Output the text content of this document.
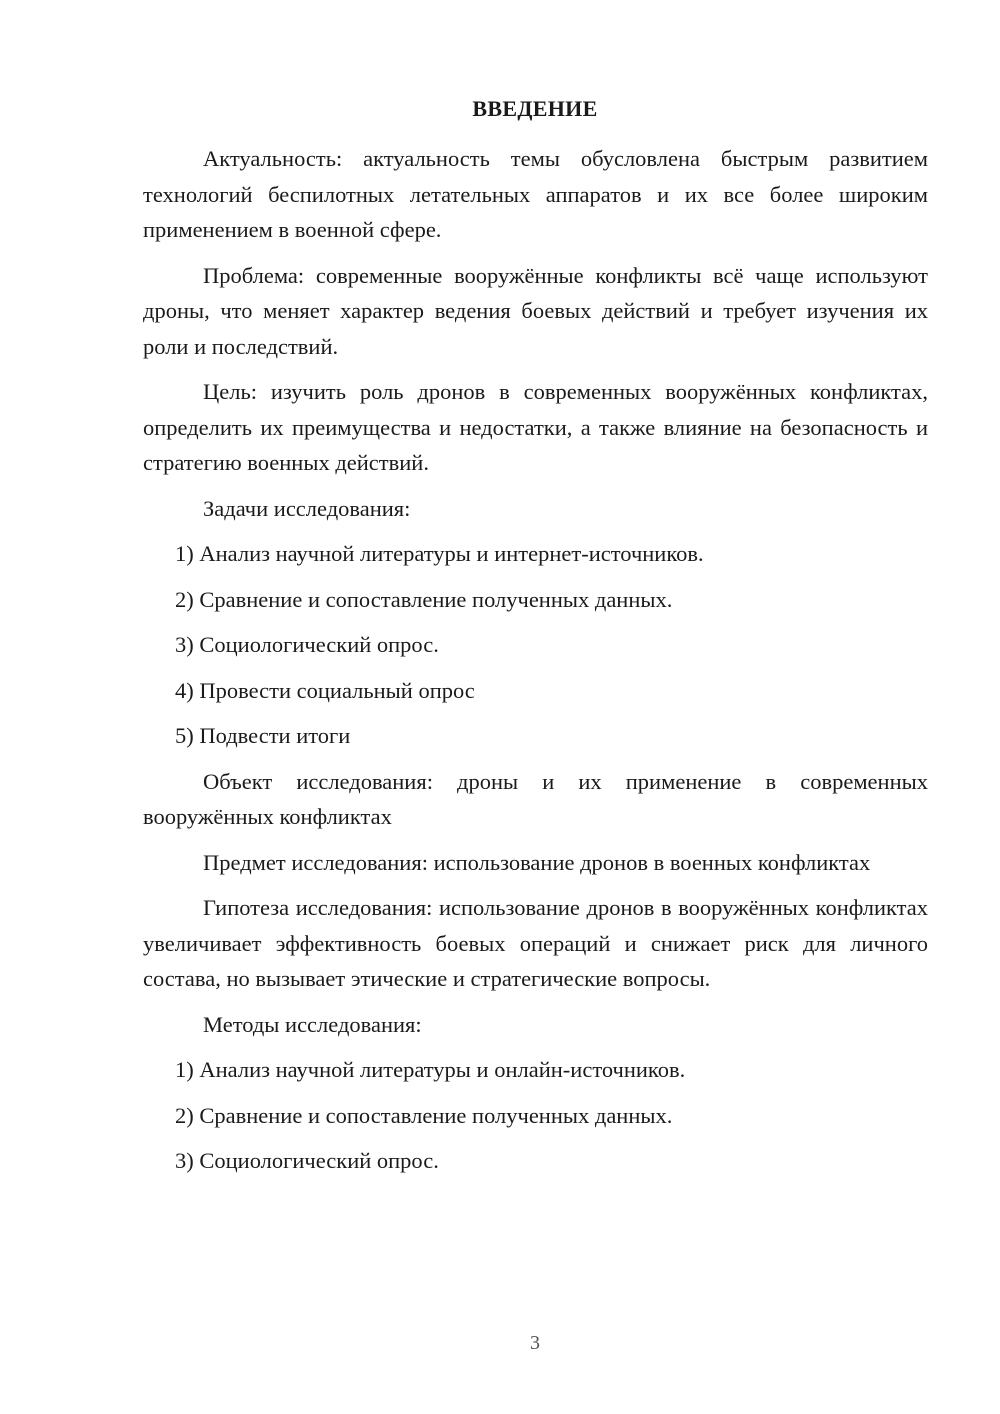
ВВЕДЕНИЕ

Актуальность: актуальность темы обусловлена быстрым развитием технологий беспилотных летательных аппаратов и их все более широким применением в военной сфере.

Проблема: современные вооружённые конфликты всё чаще используют дроны, что меняет характер ведения боевых действий и требует изучения их роли и последствий.

Цель: изучить роль дронов в современных вооружённых конфликтах, определить их преимущества и недостатки, а также влияние на безопасность и стратегию военных действий.

Задачи исследования:

1) Анализ научной литературы и интернет-источников.

2) Сравнение и сопоставление полученных данных.

3) Социологический опрос.

4) Провести социальный опрос

5) Подвести итоги

Объект исследования: дроны и их применение в современных вооружённых конфликтах

Предмет исследования: использование дронов в военных конфликтах

Гипотеза исследования: использование дронов в вооружённых конфликтах увеличивает эффективность боевых операций и снижает риск для личного состава, но вызывает этические и стратегические вопросы.

Методы исследования:

1) Анализ научной литературы и онлайн-источников.

2) Сравнение и сопоставление полученных данных.

3) Социологический опрос.

3
